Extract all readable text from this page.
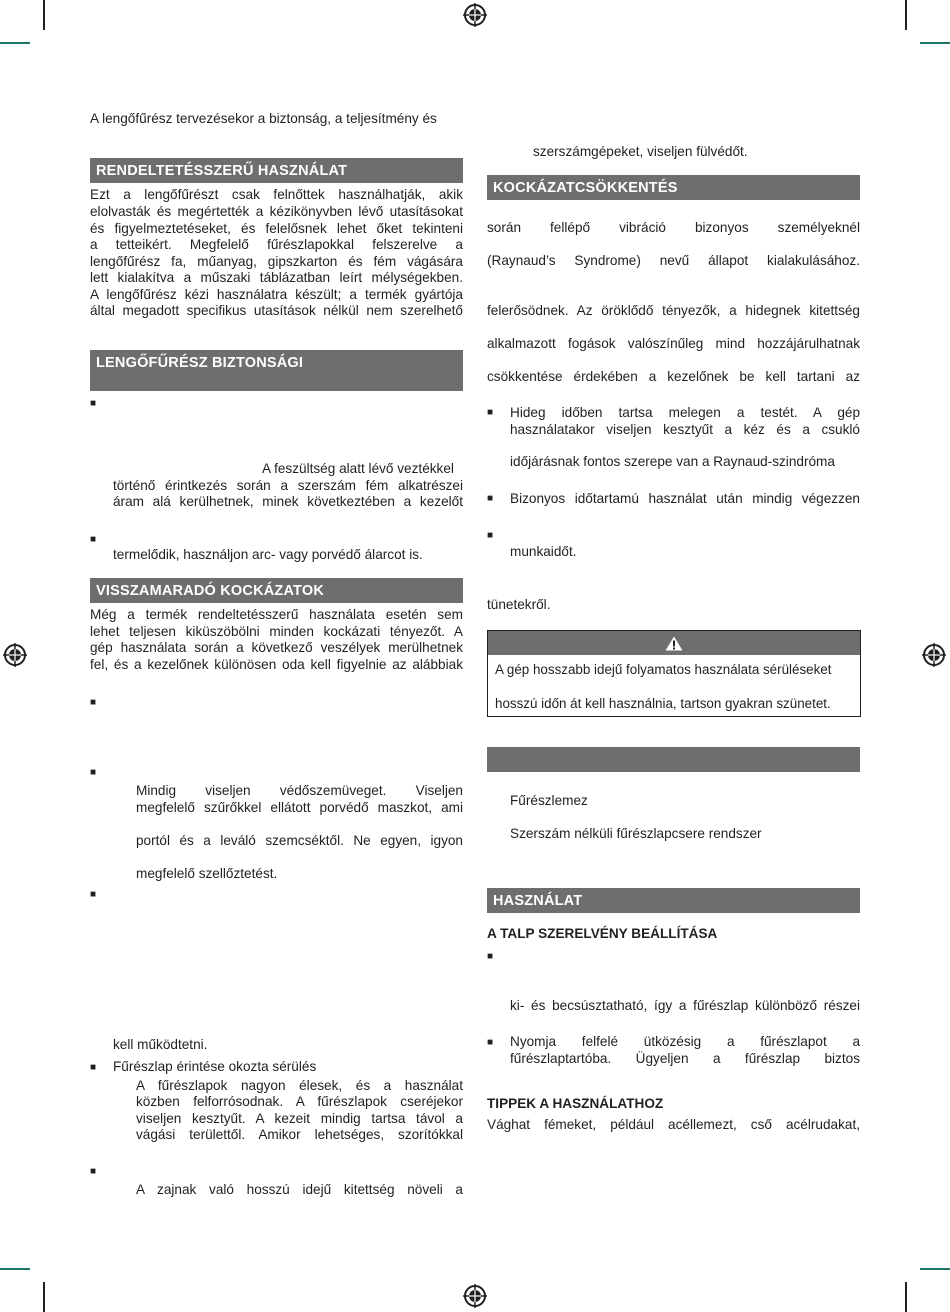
A lengőfűrész tervezésekor a biztonság, a teljesítmény és
RENDELTETÉSSZERŰ HASZNÁLAT
Ezt a lengőfűrészt csak felnőttek használhatják, akik
elolvasták és megértették a kézikönyvben lévő utasításokat
és figyelmeztetéseket, és felelősnek lehet őket tekinteni
a tetteikért. Megfelelő fűrészlapokkal felszerelve a
lengőfűrész fa, műanyag, gipszkarton és fém vágására
lett kialakítva a műszaki táblázatban leírt mélységekben.
A lengőfűrész kézi használatra készült; a termék gyártója
által megadott specifikus utasítások nélkül nem szerelhető
LENGŐFŰRÉSZ BIZTONSÁGI
■
A feszültség alatt lévő veztékkel
történő érintkezés során a szerszám fém alkatrészei
áram alá kerülhetnek, minek következtében a kezelőt
■
termelődik, használjon arc- vagy porvédő álarcot is.
VISSZAMARADÓ KOCKÁZATOK
Még a termék rendeltetésszerű használata esetén sem
lehet teljesen kiküszöbölni minden kockázati tényezőt. A
gép használata során a következő veszélyek merülhetnek
fel, és a kezelőnek különösen oda kell figyelnie az alábbiak
■
■
Mindig viseljen védőszemüveget. Viseljen
megfelelő szűrőkkel ellátott porvédő maszkot, ami
portól és a leváló szemcséktől. Ne egyen, igyon
megfelelő szellőztetést.
■
kell működtetni.
■ Fűrészlap érintése okozta sérülés
A fűrészlapok nagyon élesek, és a használat
közben felforrósodnak. A fűrészlapok cseréjekor
viseljen kesztyűt. A kezeit mindig tartsa távol a
vágási területtől. Amikor lehetséges, szorítókkal
■
A zajnak való hosszú idejű kitettség növeli a
szerszámgépeket, viseljen fülvédőt.
KOCKÁZATCSÖKKENTÉS
során fellépő vibráció bizonyos személyeknél
(Raynaud’s Syndrome) nevű állapot kialakulásához.
felerősödnek. Az öröklődő tényezők, a hidegnek kitettség
alkalmazott fogások valószínűleg mind hozzájárulhatnak
csökkentése érdekében a kezelőnek be kell tartani az
■ Hideg időben tartsa melegen a testét. A gép
használatakor viseljen kesztyűt a kéz és a csukló
időjárásnak fontos szerepe van a Raynaud-szindróma
■ Bizonyos időtartamú használat után mindig végezzen
■
munkaidőt.
tünetekről.
A gép hosszabb idejű folyamatos használata sérüléseket
hosszú időn át kell használnia, tartson gyakran szünetet.
Fűrészlemez
Szerszám nélküli fűrészlapcsere rendszer
HASZNÁLAT
A TALP SZERELVÉNY BEÁLLÍTÁSA
■
ki- és becsúsztatható, így a fűrészlap különböző részei
■ Nyomja felfelé ütközésig a fűrészlapot a
fűrészlaptartóba. Ügyeljen a fűrészlap biztos
TIPPEK A HASZNÁLATHOZ
Vághat fémeket, például acéllemezt, cső acélrudakat,
